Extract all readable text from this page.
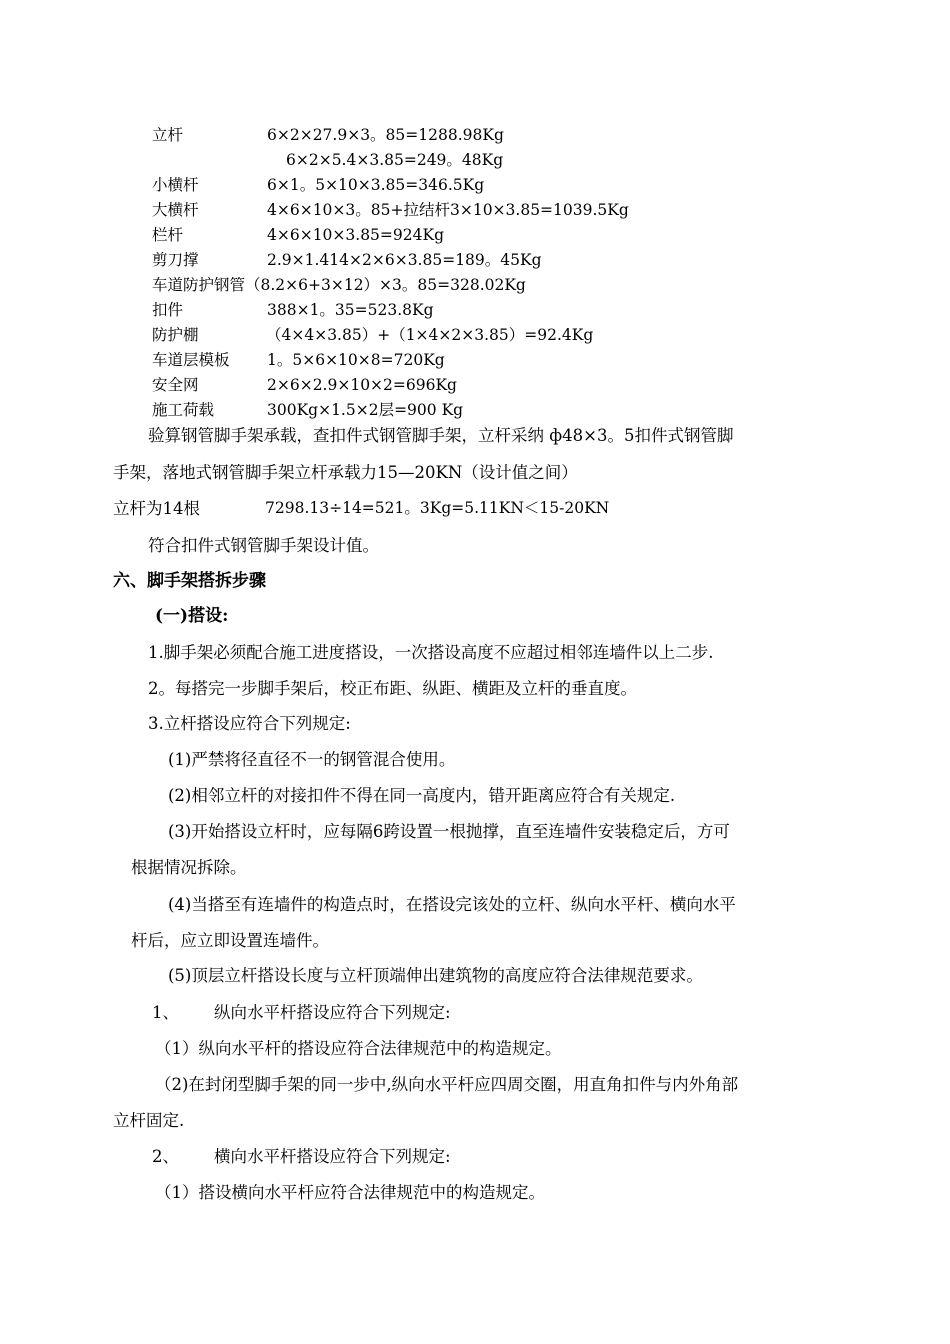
立杆	6×2×27.9×3。85=1288.98Kg
6×2×5.4×3.85=249。48Kg
小横杆	6×1。5×10×3.85=346.5Kg
大横杆	4×6×10×3。85+拉结杆3×10×3.85=1039.5Kg
栏杆	4×6×10×3.85=924Kg
剪刀撑	2.9×1.414×2×6×3.85=189。45Kg
车道防护钢管（8.2×6+3×12）×3。85=328.02Kg
扣件	388×1。35=523.8Kg
防护棚	（4×4×3.85）+（1×4×2×3.85）=92.4Kg
车道层模板 1。5×6×10×8=720Kg
安全网	2×6×2.9×10×2=696Kg
施工荷载	300Kg×1.5×2层=900 Kg
验算钢管脚手架承载，查扣件式钢管脚手架，立杆采纳 ф48×3。5扣件式钢管脚
手架，落地式钢管脚手架立杆承载力15—20KN（设计值之间）
立杆为14根	7298.13÷14=521。3Kg=5.11KN＜15-20KN
符合扣件式钢管脚手架设计值。
六、脚手架搭拆步骤
(一)搭设:
1.脚手架必须配合施工进度搭设，一次搭设高度不应超过相邻连墙件以上二步.
2。每搭完一步脚手架后，校正布距、纵距、横距及立杆的垂直度。
3.立杆搭设应符合下列规定:
(1)严禁将径直径不一的钢管混合使用。
(2)相邻立杆的对接扣件不得在同一高度内，错开距离应符合有关规定.
(3)开始搭设立杆时，应每隔6跨设置一根抛撑，直至连墙件安装稳定后，方可
根据情况拆除。
(4)当搭至有连墙件的构造点时，在搭设完该处的立杆、纵向水平杆、横向水平
杆后，应立即设置连墙件。
(5)顶层立杆搭设长度与立杆顶端伸出建筑物的高度应符合法律规范要求。
1、 纵向水平杆搭设应符合下列规定:
（1）纵向水平杆的搭设应符合法律规范中的构造规定。
（2)在封闭型脚手架的同一步中,纵向水平杆应四周交圈，用直角扣件与内外角部
立杆固定.
2、 横向水平杆搭设应符合下列规定:
（1）搭设横向水平杆应符合法律规范中的构造规定。
